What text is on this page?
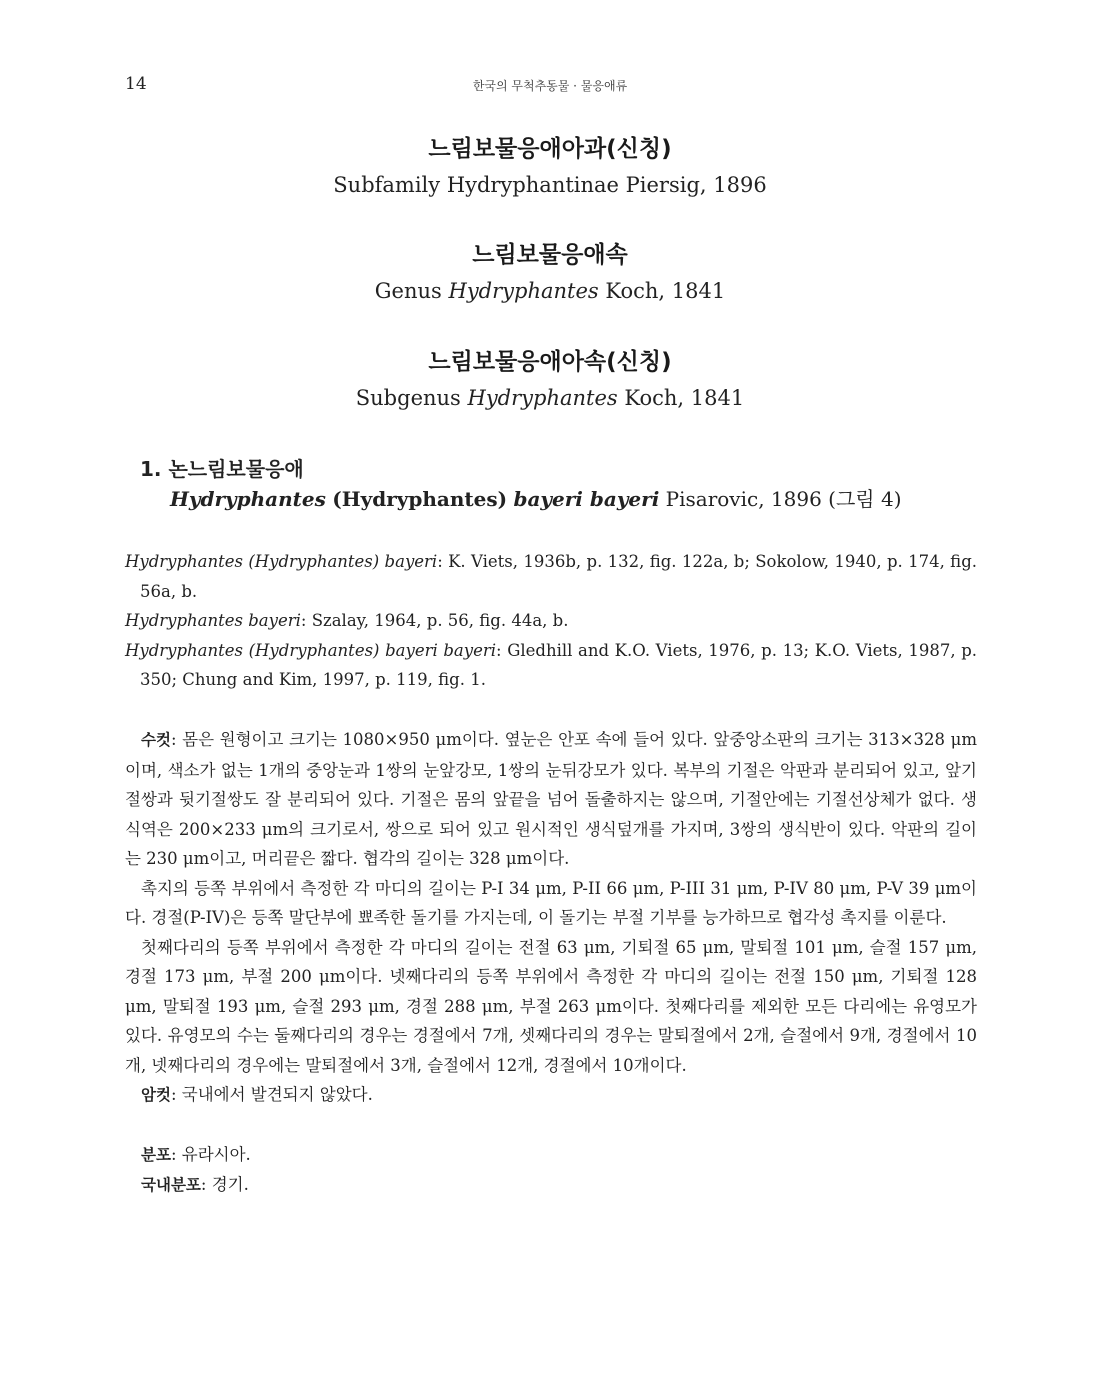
14	한국의 무척추동물 · 물응애류
느림보물응애아과(신칭)
Subfamily Hydryphantinae Piersig, 1896
느림보물응애속
Genus Hydryphantes Koch, 1841
느림보물응애아속(신칭)
Subgenus Hydryphantes Koch, 1841
1. 논느림보물응애
Hydryphantes (Hydryphantes) bayeri bayeri Pisarovic, 1896 (그림 4)
Hydryphantes (Hydryphantes) bayeri: K. Viets, 1936b, p. 132, fig. 122a, b; Sokolow, 1940, p. 174, fig. 56a, b.
Hydryphantes bayeri: Szalay, 1964, p. 56, fig. 44a, b.
Hydryphantes (Hydryphantes) bayeri bayeri: Gledhill and K.O. Viets, 1976, p. 13; K.O. Viets, 1987, p. 350; Chung and Kim, 1997, p. 119, fig. 1.

수컷: 몸은 원형이고 크기는 1080×950 μm이다. 옆눈은 안포 속에 들어 있다. 앞중앙소판의 크기는 313×328 μm이며, 색소가 없는 1개의 중앙눈과 1쌍의 눈앞강모, 1쌍의 눈뒤강모가 있다. 복부의 기절은 악판과 분리되어 있고, 앞기절쌍과 뒷기절쌍도 잘 분리되어 있다. 기절은 몸의 앞끝을 넘어 돌출하지는 않으며, 기절안에는 기절선상체가 없다. 생식역은 200×233 μm의 크기로서, 쌍으로 되어 있고 원시적인 생식덮개를 가지며, 3쌍의 생식반이 있다. 악판의 길이는 230 μm이고, 머리끝은 짧다. 협각의 길이는 328 μm이다.

촉지의 등쪽 부위에서 측정한 각 마디의 길이는 P-I 34 μm, P-II 66 μm, P-III 31 μm, P-IV 80 μm, P-V 39 μm이다. 경절(P-IV)은 등쪽 말단부에 뾰족한 돌기를 가지는데, 이 돌기는 부절 기부를 능가하므로 협각성 촉지를 이룬다.

첫째다리의 등쪽 부위에서 측정한 각 마디의 길이는 전절 63 μm, 기퇴절 65 μm, 말퇴절 101 μm, 슬절 157 μm, 경절 173 μm, 부절 200 μm이다. 넷째다리의 등쪽 부위에서 측정한 각 마디의 길이는 전절 150 μm, 기퇴절 128 μm, 말퇴절 193 μm, 슬절 293 μm, 경절 288 μm, 부절 263 μm이다. 첫째다리를 제외한 모든 다리에는 유영모가 있다. 유영모의 수는 둘째다리의 경우는 경절에서 7개, 셋째다리의 경우는 말퇴절에서 2개, 슬절에서 9개, 경절에서 10개, 넷째다리의 경우에는 말퇴절에서 3개, 슬절에서 12개, 경절에서 10개이다.

암컷: 국내에서 발견되지 않았다.

분포: 유라시아.

국내분포: 경기.
